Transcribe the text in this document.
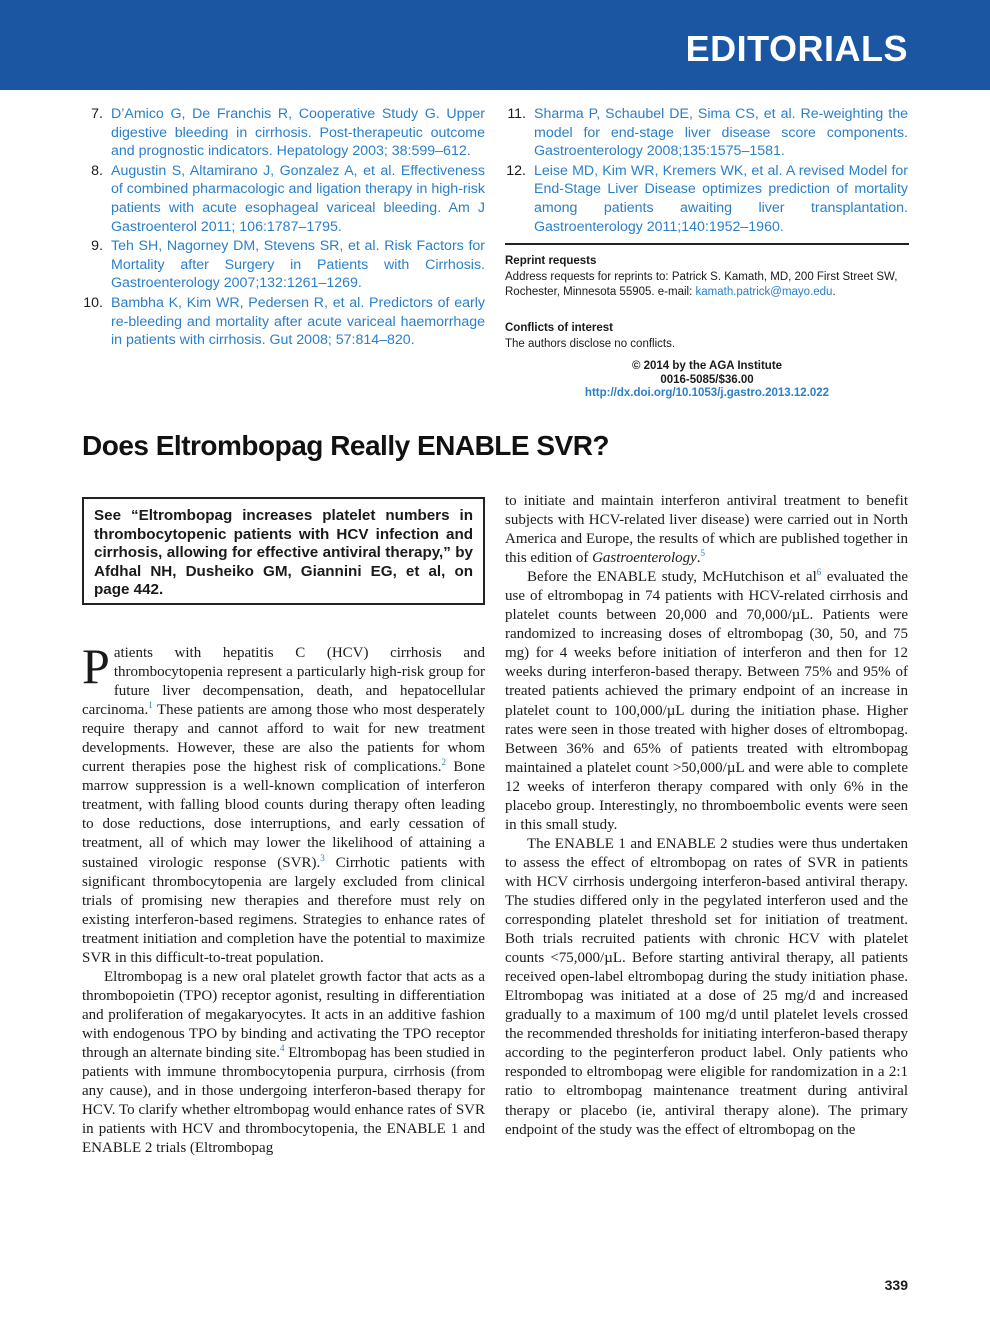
EDITORIALS
7. D’Amico G, De Franchis R, Cooperative Study G. Upper digestive bleeding in cirrhosis. Post-therapeutic outcome and prognostic indicators. Hepatology 2003; 38:599–612.
8. Augustin S, Altamirano J, Gonzalez A, et al. Effectiveness of combined pharmacologic and ligation therapy in high-risk patients with acute esophageal variceal bleeding. Am J Gastroenterol 2011; 106:1787–1795.
9. Teh SH, Nagorney DM, Stevens SR, et al. Risk Factors for Mortality after Surgery in Patients with Cirrhosis. Gastroenterology 2007;132:1261–1269.
10. Bambha K, Kim WR, Pedersen R, et al. Predictors of early re-bleeding and mortality after acute variceal haemorrhage in patients with cirrhosis. Gut 2008; 57:814–820.
11. Sharma P, Schaubel DE, Sima CS, et al. Re-weighting the model for end-stage liver disease score components. Gastroenterology 2008;135:1575–1581.
12. Leise MD, Kim WR, Kremers WK, et al. A revised Model for End-Stage Liver Disease optimizes prediction of mortality among patients awaiting liver transplantation. Gastroenterology 2011;140:1952–1960.
Reprint requests
Address requests for reprints to: Patrick S. Kamath, MD, 200 First Street SW, Rochester, Minnesota 55905. e-mail: kamath.patrick@mayo.edu.
Conflicts of interest
The authors disclose no conflicts.
© 2014 by the AGA Institute
0016-5085/$36.00
http://dx.doi.org/10.1053/j.gastro.2013.12.022
Does Eltrombopag Really ENABLE SVR?
See “Eltrombopag increases platelet numbers in thrombocytopenic patients with HCV infection and cirrhosis, allowing for effective antiviral therapy,” by Afdhal NH, Dusheiko GM, Giannini EG, et al, on page 442.

Patients with hepatitis C (HCV) cirrhosis and thrombocytopenia represent a particularly high-risk group for future liver decompensation, death, and hepatocellular carcinoma.$^1$ These patients are among those who most desperately require therapy and cannot afford to wait for new treatment developments. However, these are also the patients for whom current therapies pose the highest risk of complications.$^2$ Bone marrow suppression is a well-known complication of interferon treatment, with falling blood counts during therapy often leading to dose reductions, dose interruptions, and early cessation of treatment, all of which may lower the likelihood of attaining a sustained virologic response (SVR).$^3$ Cirrhotic patients with significant thrombocytopenia are largely excluded from clinical trials of promising new therapies and therefore must rely on existing interferon-based regimens. Strategies to enhance rates of treatment initiation and completion have the potential to maximize SVR in this difficult-to-treat population.

Eltrombopag is a new oral platelet growth factor that acts as a thrombopoietin (TPO) receptor agonist, resulting in differentiation and proliferation of megakaryocytes. It acts in an additive fashion with endogenous TPO by binding and activating the TPO receptor through an alternate binding site.$^4$ Eltrombopag has been studied in patients with immune thrombocytopenia purpura, cirrhosis (from any cause), and in those undergoing interferon-based therapy for HCV. To clarify whether eltrombopag would enhance rates of SVR in patients with HCV and thrombocytopenia, the ENABLE 1 and ENABLE 2 trials (Eltrombopag

to initiate and maintain interferon antiviral treatment to benefit subjects with HCV-related liver disease) were carried out in North America and Europe, the results of which are published together in this edition of Gastroenterology.$^5$

Before the ENABLE study, McHutchison et $al^6$ evaluated the use of eltrombopag in 74 patients with HCV-related cirrhosis and platelet counts between 20,000 and 70,000/µL. Patients were randomized to increasing doses of eltrombopag (30, 50, and 75 mg) for 4 weeks before initiation of interferon and then for 12 weeks during interferon-based therapy. Between 75% and 95% of treated patients achieved the primary endpoint of an increase in platelet count to 100,000/µL during the initiation phase. Higher rates were seen in those treated with higher doses of eltrombopag. Between 36% and 65% of patients treated with eltrombopag maintained a platelet count >50,000/µL and were able to complete 12 weeks of interferon therapy compared with only 6% in the placebo group. Interestingly, no thromboembolic events were seen in this small study.

The ENABLE 1 and ENABLE 2 studies were thus undertaken to assess the effect of eltrombopag on rates of SVR in patients with HCV cirrhosis undergoing interferon-based antiviral therapy. The studies differed only in the pegylated interferon used and the corresponding platelet threshold set for initiation of treatment. Both trials recruited patients with chronic HCV with platelet counts <75,000/µL. Before starting antiviral therapy, all patients received open-label eltrombopag during the study initiation phase. Eltrombopag was initiated at a dose of 25 mg/d and increased gradually to a maximum of 100 mg/d until platelet levels crossed the recommended thresholds for initiating interferon-based therapy according to the peginterferon product label. Only patients who responded to eltrombopag were eligible for randomization in a 2:1 ratio to eltrombopag maintenance treatment during antiviral therapy or placebo (ie, antiviral therapy alone). The primary endpoint of the study was the effect of eltrombopag on the

339
